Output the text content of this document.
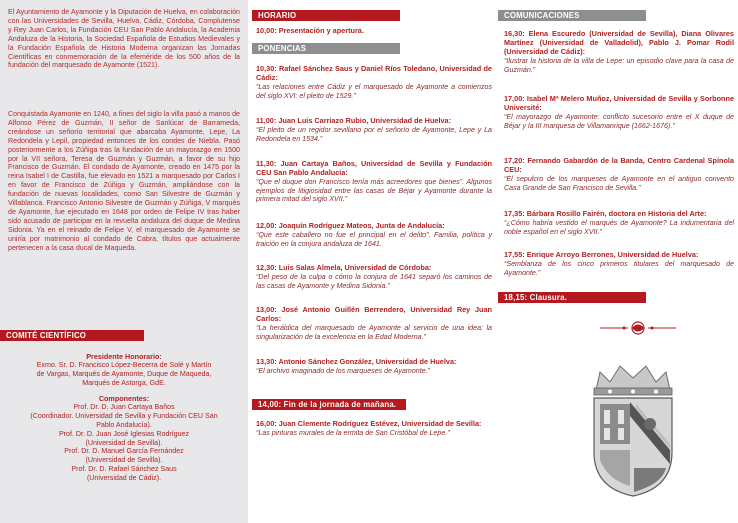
El Ayuntamiento de Ayamonte y la Diputación de Huelva, en colaboración con las Universidades de Sevilla, Huelva, Cádiz, Córdoba, Complutense y Rey Juan Carlos, la Fundación CEU San Pablo Andalucía, la Academia Andaluza de la Historia, la Sociedad Española de Estudios Medievales y la Fundación Española de Historia Moderna organizan las Jornadas Científicas en conmemoración de la efeméride de los 500 años de la fundación del marquesado de Ayamonte (1521).

Conquistada Ayamonte en 1240, a fines del siglo la villa pasó a manos de Alfonso Pérez de Guzmán, II señor de Sanlúcar de Barrameda, creándose un señorío territorial que abarcaba Ayamonte, Lepe, La Redondela y Lepil, propiedad entonces de los condes de Niebla. Pasó posteriormente a los Zúñiga tras la fundación de un mayorazgo en 1500 por la VII señora, Teresa de Guzmán y Guzmán, a favor de su hijo Francisco de Guzmán. El condado de Ayamonte, creado en 1475 por la reina Isabel I de Castilla, fue elevado en 1521 a marquesado por Carlos I en favor de Francisco de Zúñiga y Guzmán, ampliándose con la fundación de nuevas localidades, como San Silvestre de Guzmán y Villablanca. Francisco Antonio Silvestre de Guzmán y Zúñiga, V marqués de Ayamonte, fue ejecutado en 1648 por orden de Felipe IV tras haber sido acusado de participar en la revuelta andaluza del duque de Medina Sidonia. Ya en el reinado de Felipe V, el marquesado de Ayamonte se uniría por matrimonio al condado de Cabra, títulos que actualmente pertenecen a la casa ducal de Maqueda.

COMITÉ CIENTÍFICO

Presidente Honorario:

Exmo. Sr. D. Francisco López-Becerra de Solé y Martín

de Vargas, Marqués de Ayamonte, Duque de Maqueda,

Marqués de Astorga, GdE.

Componentes:

Prof. Dr. D. Juan Cartaya Baños

(Coordinador. Universidad de Sevilla y Fundación CEU San

Pablo Andalucía).

Prof. Dr. D. Juan José Iglesias Rodríguez

(Universidad de Sevilla).

Prof. Dr. D. Manuel García Fernández

(Universidad de Sevilla).

Prof. Dr. D. Rafael Sánchez Saus

(Universidad de Cádiz).

HORARIO

10,00: Presentación y apertura.

PONENCIAS

10,30: Rafael Sánchez Saus y Daniel Ríos Toledano, Universidad de Cádiz:

“Las relaciones entre Cádiz y el marquesado de Ayamonte a comienzos del siglo XVI: el pleito de 1529.”

11,00: Juan Luis Carriazo Rubio, Universidad de Huelva:

“El pleito de un regidor sevillano por el señorío de Ayamonte, Lepe y La Redondela en 1534.”

11,30: Juan Cartaya Baños, Universidad de Sevilla y Fundación CEU San Pablo Andalucía:

“Que el duque don Francisco tenía más acreedores que bienes”. Algunos ejemplos de litigiosidad entre las casas de Béjar y Ayamonte durante la primera mitad del siglo XVII.”

12,00: Joaquín Rodríguez Mateos, Junta de Andalucía:

“Que este caballero no fue el principal en el delito”. Familia, política y traición en la conjura andaluza de 1641.

12,30: Luis Salas Almela, Universidad de Córdoba:

“Del peso de la culpa o cómo la conjura de 1641 separó los caminos de las casas de Ayamonte y Medina Sidonia.”

13,00: José Antonio Guillén Berrendero, Universidad Rey Juan Carlos:

“La heráldica del marquesado de Ayamonte al servicio de una idea: la singularización de la excelencia en la Edad Moderna.”

13,30: Antonio Sánchez González, Universidad de Huelva:

“El archivo imaginado de los marqueses de Ayamonte.”

14,00: Fin de la jornada de mañana.

16,00: Juan Clemente Rodríguez Estévez, Universidad de Sevilla:

“Las pinturas murales de la ermita de San Cristóbal de Lepe.”

COMUNICACIONES

16,30: Elena Escuredo (Universidad de Sevilla), Diana Olivares Martínez (Universidad de Valladolid), Pablo J. Pomar Rodil (Universidad de Cádiz):

“Ilustrar la historia de la villa de Lepe: un episodio clave para la casa de Guzmán.”

17,00: Isabel Mª Melero Muñoz, Universidad de Sevilla y Sorbonne Université:

“El mayorazgo de Ayamonte: conflicto sucesorio entre el X duque de Béjar y la III marquesa de Villamanrique (1662-1676).”

17,20: Fernando Gabardón de la Banda, Centro Cardenal Spínola CEU:

“El sepulcro de los marqueses de Ayamonte en el antiguo convento Casa Grande de San Francisco de Sevilla.”

17,35: Bárbara Rosillo Fairén, doctora en Historia del Arte:

“¿Cómo habría vestido el marqués de Ayamonte? La indumentaria del noble español en el siglo XVII.”

17,55: Enrique Arroyo Berrones, Universidad de Huelva:

“Semblanza de los cinco primeros titulares del marquesado de Ayamonte.”

18,15: Clausura.
